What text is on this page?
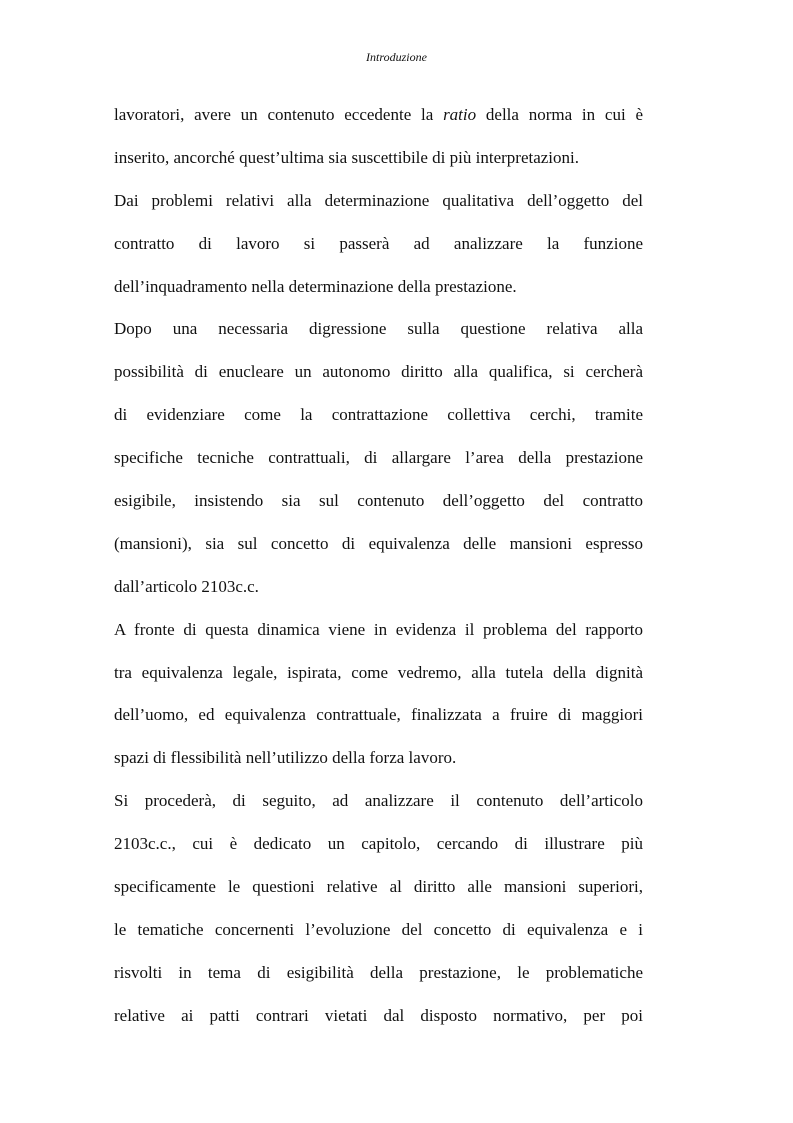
Introduzione
lavoratori, avere un contenuto eccedente la ratio della norma in cui è
inserito, ancorché quest’ultima sia suscettibile di più interpretazioni.
Dai problemi relativi alla determinazione qualitativa dell’oggetto del
contratto di lavoro si passerà ad analizzare la funzione
dell’inquadramento nella determinazione della prestazione.
Dopo una necessaria digressione sulla questione relativa alla
possibilità di enucleare un autonomo diritto alla qualifica, si cercherà
di evidenziare come la contrattazione collettiva cerchi, tramite
specifiche tecniche contrattuali, di allargare l’area della prestazione
esigibile, insistendo sia sul contenuto dell’oggetto del contratto
(mansioni), sia sul concetto di equivalenza delle mansioni espresso
dall’articolo 2103c.c.
A fronte di questa dinamica viene in evidenza il problema del rapporto
tra equivalenza legale, ispirata, come vedremo, alla tutela della dignità
dell’uomo, ed equivalenza contrattuale, finalizzata a fruire di maggiori
spazi di flessibilità nell’utilizzo della forza lavoro.
Si procederà, di seguito, ad analizzare il contenuto dell’articolo
2103c.c., cui è dedicato un capitolo, cercando di illustrare più
specificamente le questioni relative al diritto alle mansioni superiori,
le tematiche concernenti l’evoluzione del concetto di equivalenza e i
risvolti in tema di esigibilità della prestazione, le problematiche
relative ai patti contrari vietati dal disposto normativo, per poi
